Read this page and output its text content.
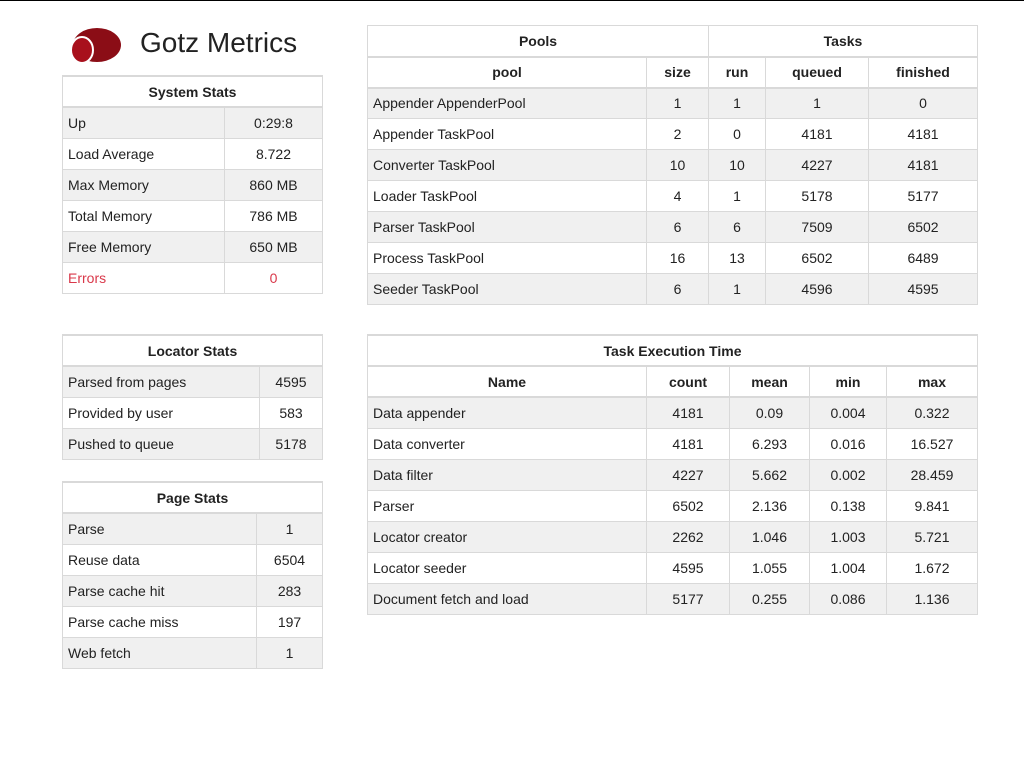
Gotz Metrics
System Stats	
Up	0:29:8
Load Average	8.722
Max Memory	860 MB
Total Memory	786 MB
Free Memory	650 MB
Errors	0
Locator Stats	
Parsed from pages	4595
Provided by user	583
Pushed to queue	5178
Page Stats	
Parse	1
Reuse data	6504
Parse cache hit	283
Parse cache miss	197
Web fetch	1
Pools		Tasks		
pool	size	run	queued	finished
Appender AppenderPool	1	1	1	0
Appender TaskPool	2	0	4181	4181
Converter TaskPool	10	10	4227	4181
Loader TaskPool	4	1	5178	5177
Parser TaskPool	6	6	7509	6502
Process TaskPool	16	13	6502	6489
Seeder TaskPool	6	1	4596	4595
Task Execution Time				
Name	count	mean	min	max
Data appender	4181	0.09	0.004	0.322
Data converter	4181	6.293	0.016	16.527
Data filter	4227	5.662	0.002	28.459
Parser	6502	2.136	0.138	9.841
Locator creator	2262	1.046	1.003	5.721
Locator seeder	4595	1.055	1.004	1.672
Document fetch and load	5177	0.255	0.086	1.136
